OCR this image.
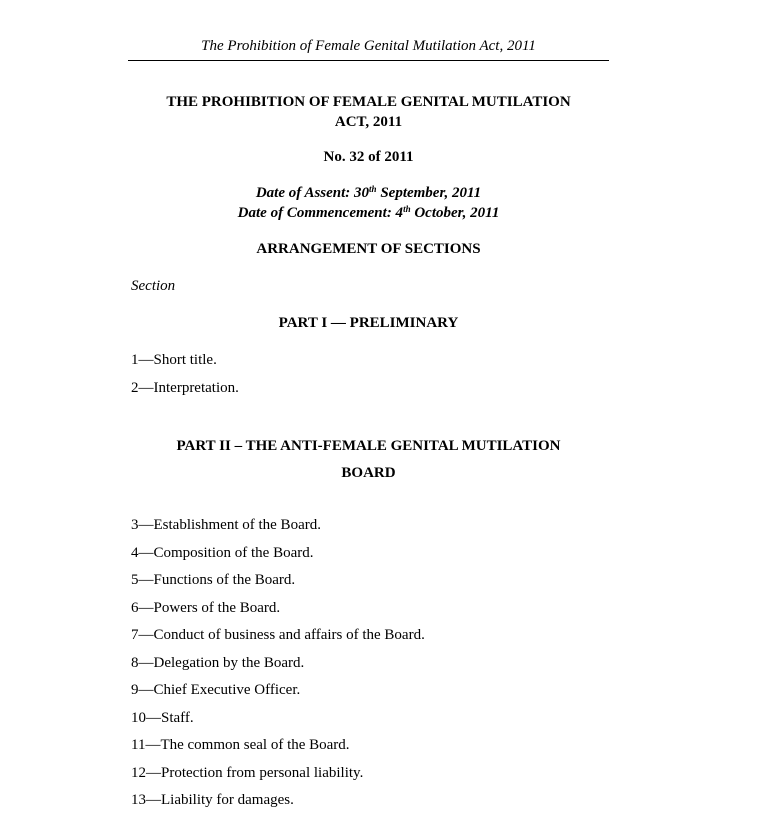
The Prohibition of Female Genital Mutilation Act, 2011
THE PROHIBITION OF FEMALE GENITAL MUTILATION
ACT, 2011
No. 32 of 2011
Date of Assent: 30th September, 2011
Date of Commencement: 4th October, 2011
ARRANGEMENT OF SECTIONS
Section
PART I — PRELIMINARY
1—Short title.
2—Interpretation.
PART II – THE ANTI-FEMALE GENITAL MUTILATION
BOARD
3—Establishment of the Board.
4—Composition of the Board.
5—Functions of the Board.
6—Powers of the Board.
7—Conduct of business and affairs of the Board.
8—Delegation by the Board.
9—Chief Executive Officer.
10—Staff.
11—The common seal of the Board.
12—Protection from personal liability.
13—Liability for damages.
